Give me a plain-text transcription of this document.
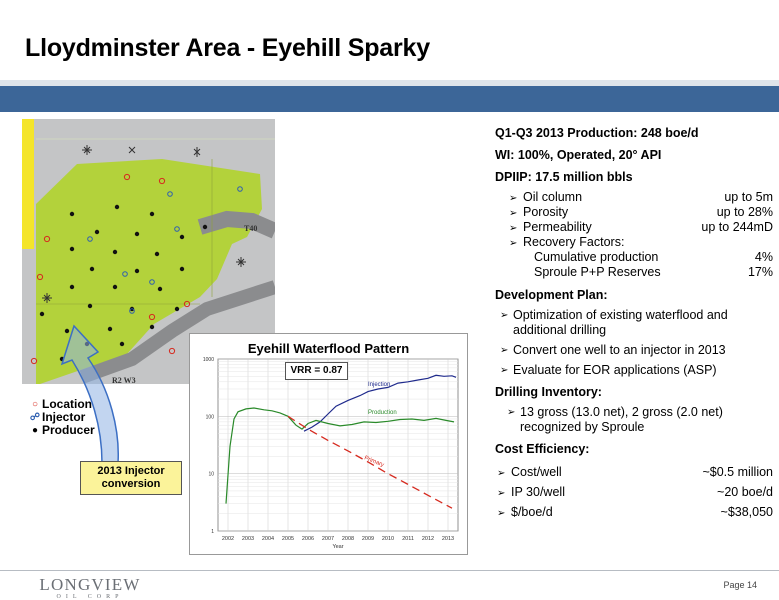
Lloydminster Area - Eyehill Sparky
T40
R2 W3
○ Location
☍ Injector
● Producer
2013 Injector
conversion
Eyehill Waterflood Pattern
2002 2003 2004 2005 2006 2007 2008 2009 2010 2011 2012 2013
1
10
100
1000
Year
Injection
Production
Primary
VRR = 0.87
Q1-Q3 2013 Production: 248 boe/d
WI: 100%, Operated, 20° API
DPIIP: 17.5 million bbls
➢ Oil column	up to 5m
➢ Porosity	up to 28%
➢ Permeability	up to 244mD
➢ Recovery Factors:
Cumulative production	4%
Sproule P+P Reserves	17%
Development Plan:
➢ Optimization of existing waterflood and additional drilling
➢ Convert one well to an injector in 2013
➢ Evaluate for EOR applications (ASP)
Drilling Inventory:
➢ 13 gross (13.0 net), 2 gross (2.0 net) recognized by Sproule
Cost Efficiency:
➢ Cost/well	~$0.5 million
➢ IP 30/well	~20 boe/d
➢ $/boe/d	~$38,050
LONGVIEW
OIL CORP
Page 14
